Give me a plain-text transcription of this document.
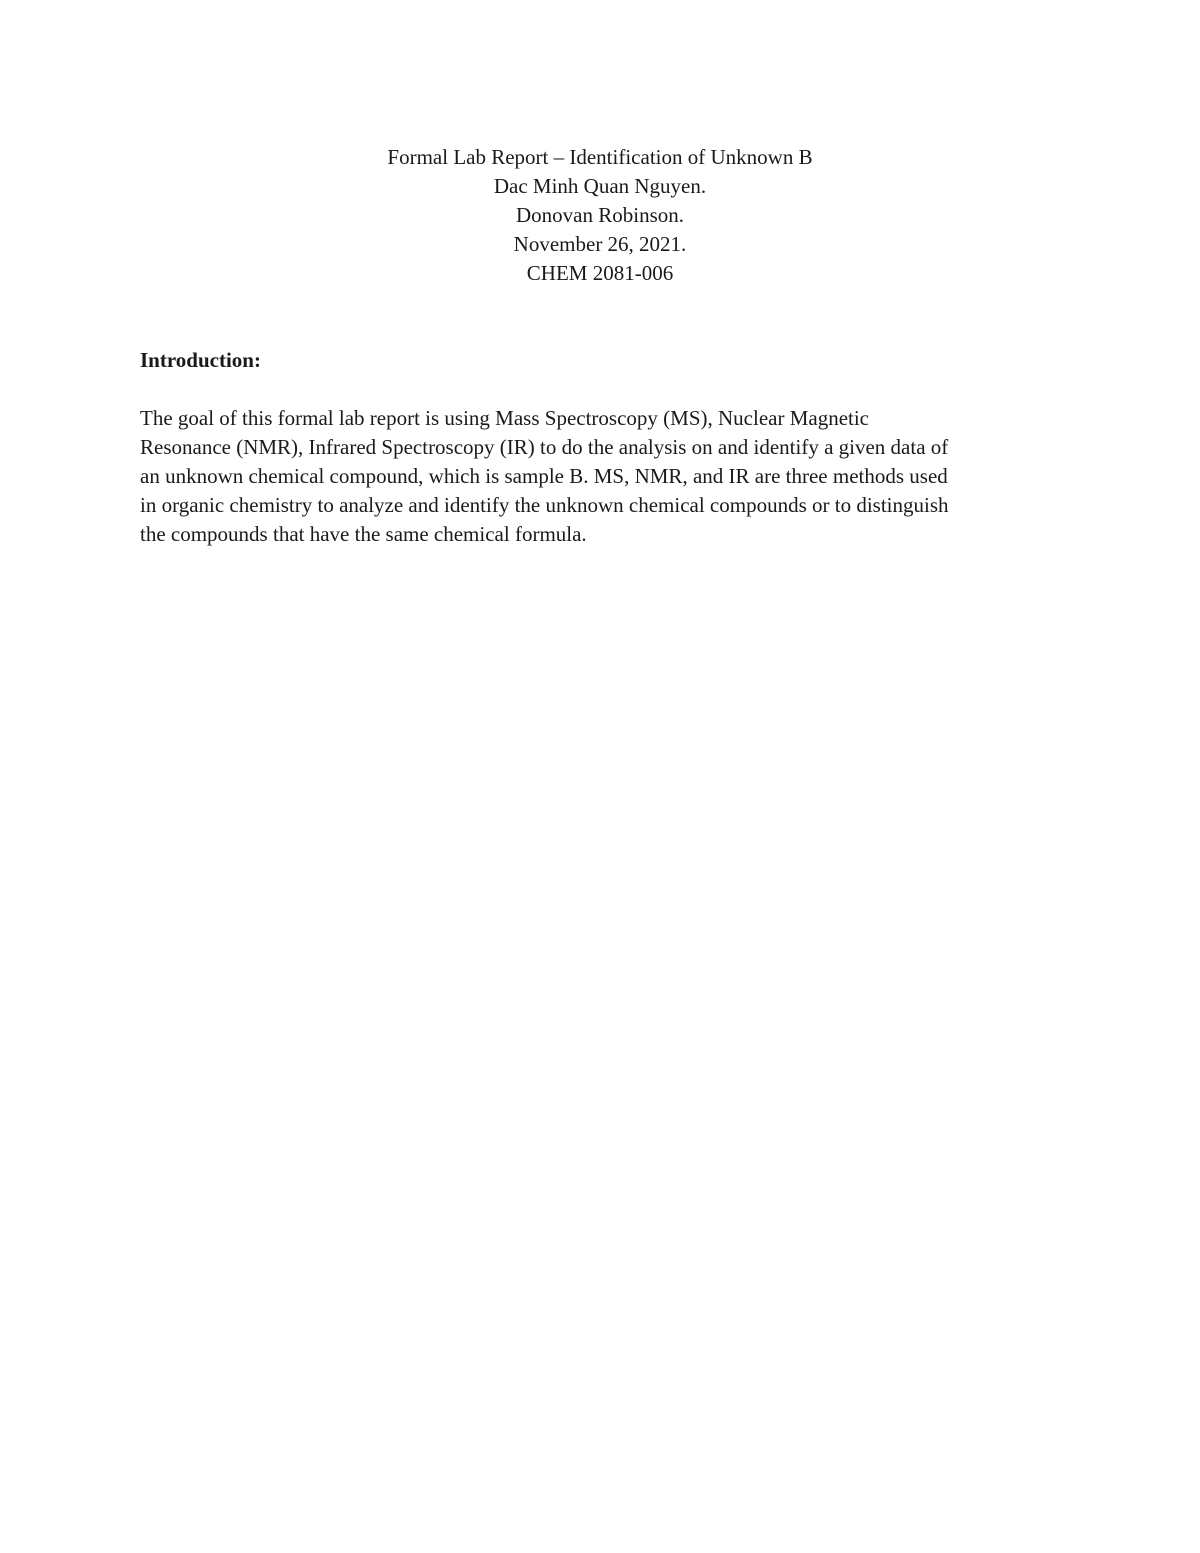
Formal Lab Report – Identification of Unknown B
Dac Minh Quan Nguyen.
Donovan Robinson.
November 26, 2021.
CHEM 2081-006
Introduction:
The goal of this formal lab report is using Mass Spectroscopy (MS), Nuclear Magnetic
Resonance (NMR), Infrared Spectroscopy (IR) to do the analysis on and identify a given data of
an unknown chemical compound, which is sample B. MS, NMR, and IR are three methods used
in organic chemistry to analyze and identify the unknown chemical compounds or to distinguish
the compounds that have the same chemical formula.
